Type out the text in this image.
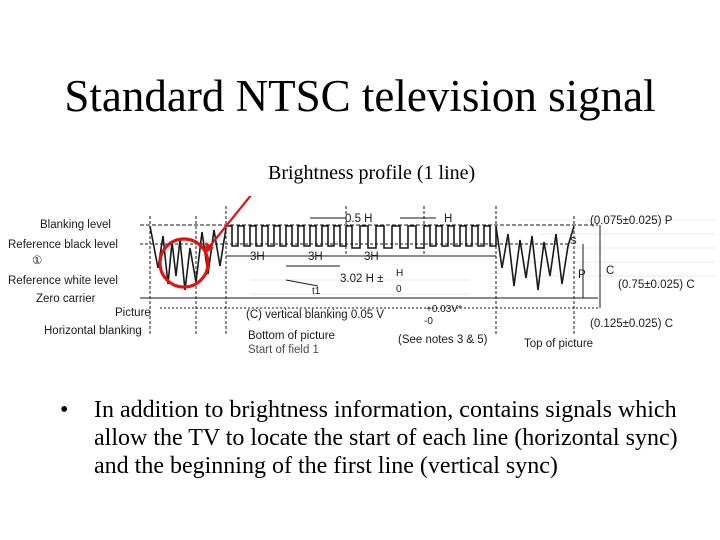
Standard NTSC television signal
Brightness profile (1 line)
Blanking level
Reference black level
①
Reference white level
Zero carrier
Picture
Horizontal blanking
0.5 H	H	(0.075±0.025) P
S
P C
(0.75±0.025) C
(0.125±0.025) C
3H	3H	3H
3.02 H ± H
0
t1
(C) vertical blanking 0.05 V	+0.03V*
-0
Bottom of picture	(See notes 3 & 5)	Top of picture
Start of field 1
•	In addition to brightness information, contains signals which allow the TV to locate the start of each line (horizontal sync) and the beginning of the first line (vertical sync)
